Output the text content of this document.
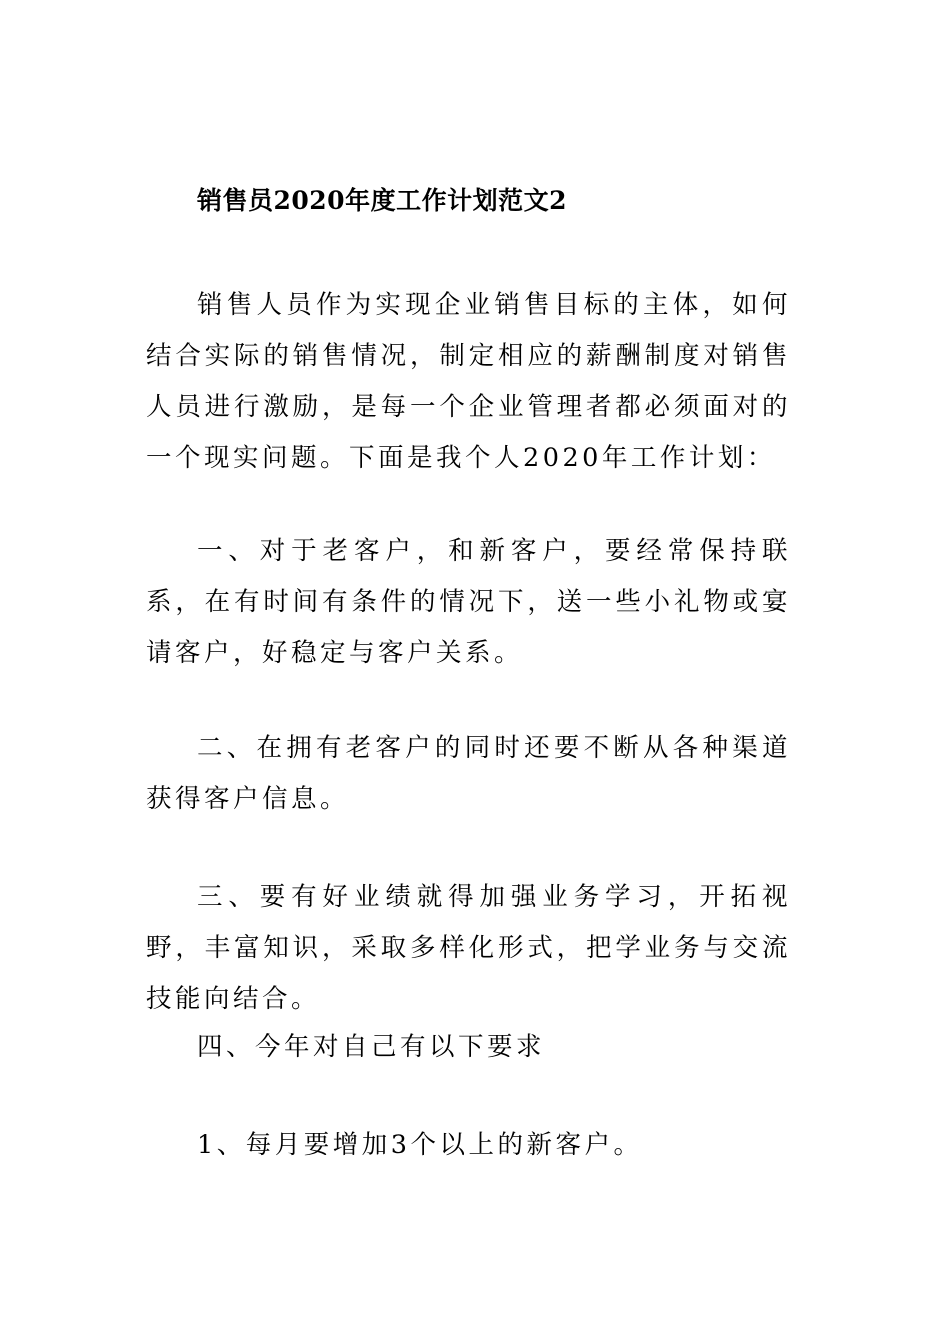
销售员2020年度工作计划范文2
销售人员作为实现企业销售目标的主体，如何结合实际的销售情况，制定相应的薪酬制度对销售人员进行激励，是每一个企业管理者都必须面对的一个现实问题。下面是我个人2020年工作计划：
一、对于老客户，和新客户，要经常保持联系，在有时间有条件的情况下，送一些小礼物或宴请客户，好稳定与客户关系。
二、在拥有老客户的同时还要不断从各种渠道获得客户信息。
三、要有好业绩就得加强业务学习，开拓视野，丰富知识，采取多样化形式，把学业务与交流技能向结合。
四、今年对自己有以下要求
1、每月要增加3个以上的新客户。
